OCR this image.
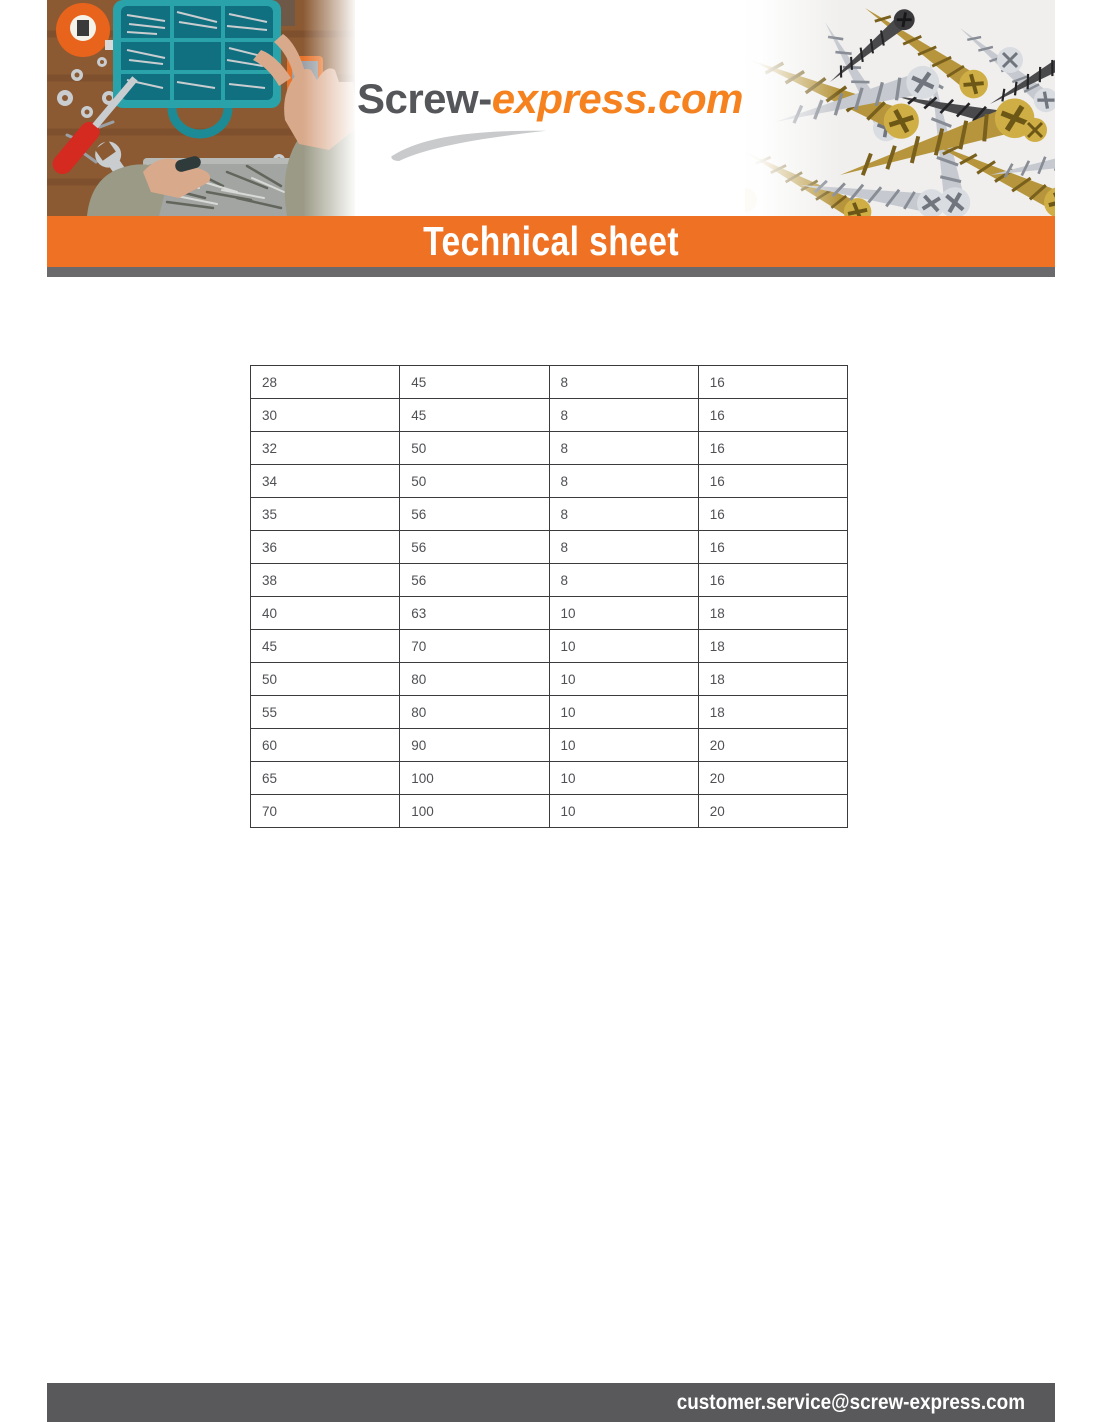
Screw-express.com
Technical sheet
28	45	8	16
30	45	8	16
32	50	8	16
34	50	8	16
35	56	8	16
36	56	8	16
38	56	8	16
40	63	10	18
45	70	10	18
50	80	10	18
55	80	10	18
60	90	10	20
65	100	10	20
70	100	10	20
customer.service@screw-express.com
